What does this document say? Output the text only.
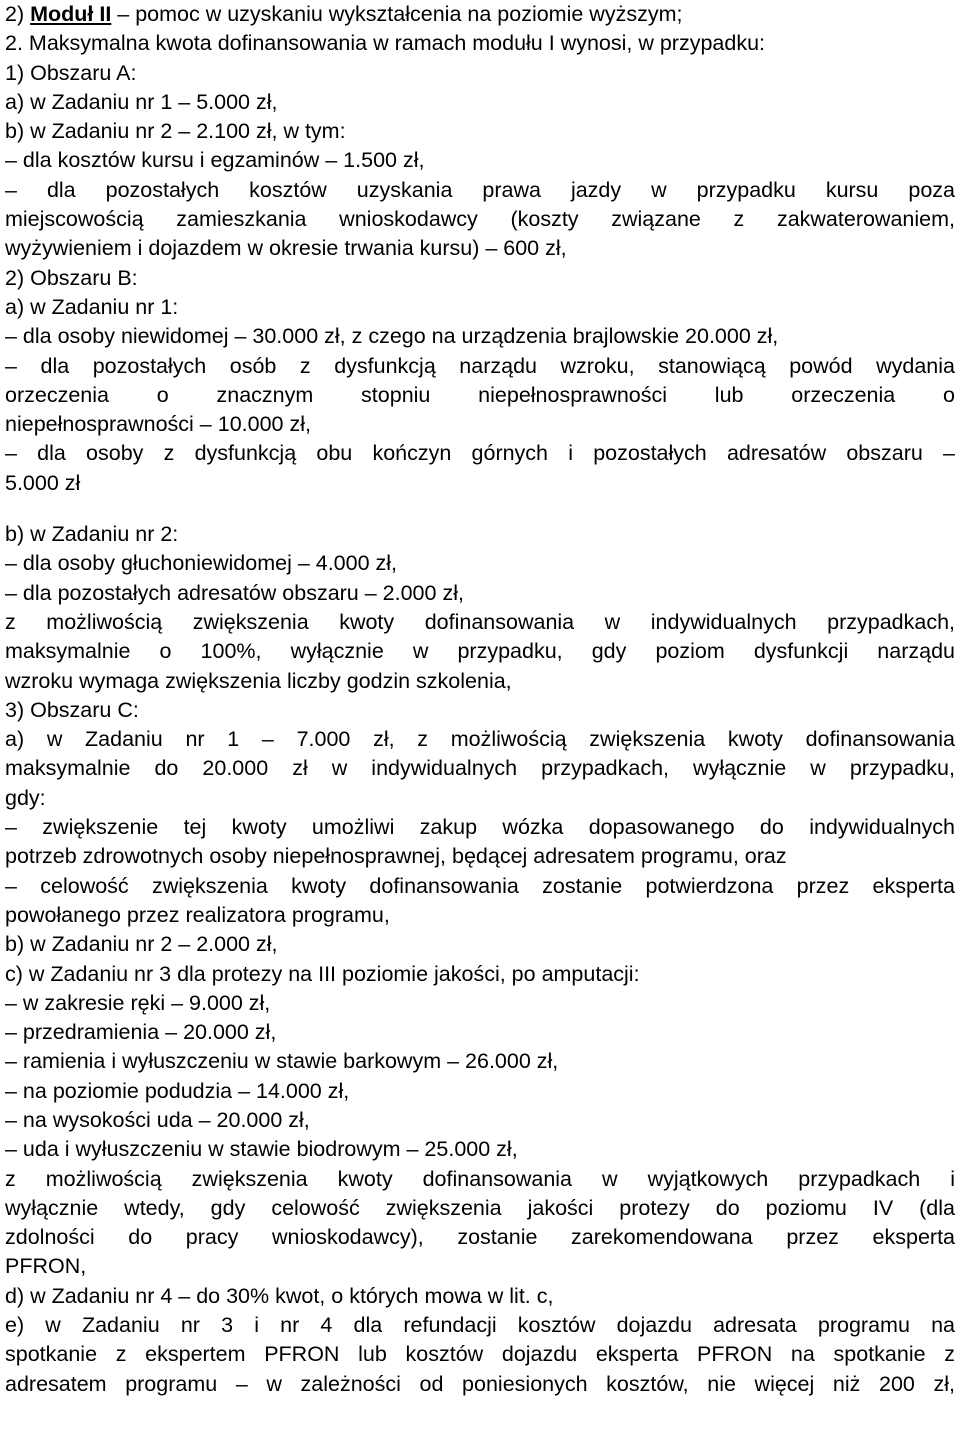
2) Moduł II – pomoc w uzyskaniu wykształcenia na poziomie wyższym;
2. Maksymalna kwota dofinansowania w ramach modułu I wynosi, w przypadku:
1) Obszaru A:
a) w Zadaniu nr 1 – 5.000 zł,
b) w Zadaniu nr 2 – 2.100 zł, w tym:
– dla kosztów kursu i egzaminów – 1.500 zł,
– dla pozostałych kosztów uzyskania prawa jazdy w przypadku kursu poza
miejscowością zamieszkania wnioskodawcy (koszty związane z zakwaterowaniem,
wyżywieniem i dojazdem w okresie trwania kursu) – 600 zł,
2) Obszaru B:
a) w Zadaniu nr 1:
– dla osoby niewidomej – 30.000 zł, z czego na urządzenia brajlowskie 20.000 zł,
– dla pozostałych osób z dysfunkcją narządu wzroku, stanowiącą powód wydania
orzeczenia o znacznym stopniu niepełnosprawności lub orzeczenia o
niepełnosprawności – 10.000 zł,
– dla osoby z dysfunkcją obu kończyn górnych i pozostałych adresatów obszaru –
5.000 zł
b) w Zadaniu nr 2:
– dla osoby głuchoniewidomej – 4.000 zł,
– dla pozostałych adresatów obszaru – 2.000 zł,
z możliwością zwiększenia kwoty dofinansowania w indywidualnych przypadkach,
maksymalnie o 100%, wyłącznie w przypadku, gdy poziom dysfunkcji narządu
wzroku wymaga zwiększenia liczby godzin szkolenia,
3) Obszaru C:
a) w Zadaniu nr 1 – 7.000 zł, z możliwością zwiększenia kwoty dofinansowania
maksymalnie do 20.000 zł w indywidualnych przypadkach, wyłącznie w przypadku,
gdy:
– zwiększenie tej kwoty umożliwi zakup wózka dopasowanego do indywidualnych
potrzeb zdrowotnych osoby niepełnosprawnej, będącej adresatem programu, oraz
– celowość zwiększenia kwoty dofinansowania zostanie potwierdzona przez eksperta
powołanego przez realizatora programu,
b) w Zadaniu nr 2 – 2.000 zł,
c) w Zadaniu nr 3 dla protezy na III poziomie jakości, po amputacji:
– w zakresie ręki – 9.000 zł,
– przedramienia – 20.000 zł,
– ramienia i wyłuszczeniu w stawie barkowym – 26.000 zł,
– na poziomie podudzia – 14.000 zł,
– na wysokości uda – 20.000 zł,
– uda i wyłuszczeniu w stawie biodrowym – 25.000 zł,
z możliwością zwiększenia kwoty dofinansowania w wyjątkowych przypadkach i
wyłącznie wtedy, gdy celowość zwiększenia jakości protezy do poziomu IV (dla
zdolności do pracy wnioskodawcy), zostanie zarekomendowana przez eksperta
PFRON,
d) w Zadaniu nr 4 – do 30% kwot, o których mowa w lit. c,
e) w Zadaniu nr 3 i nr 4 dla refundacji kosztów dojazdu adresata programu na
spotkanie z ekspertem PFRON lub kosztów dojazdu eksperta PFRON na spotkanie z
adresatem programu – w zależności od poniesionych kosztów, nie więcej niż 200 zł,
